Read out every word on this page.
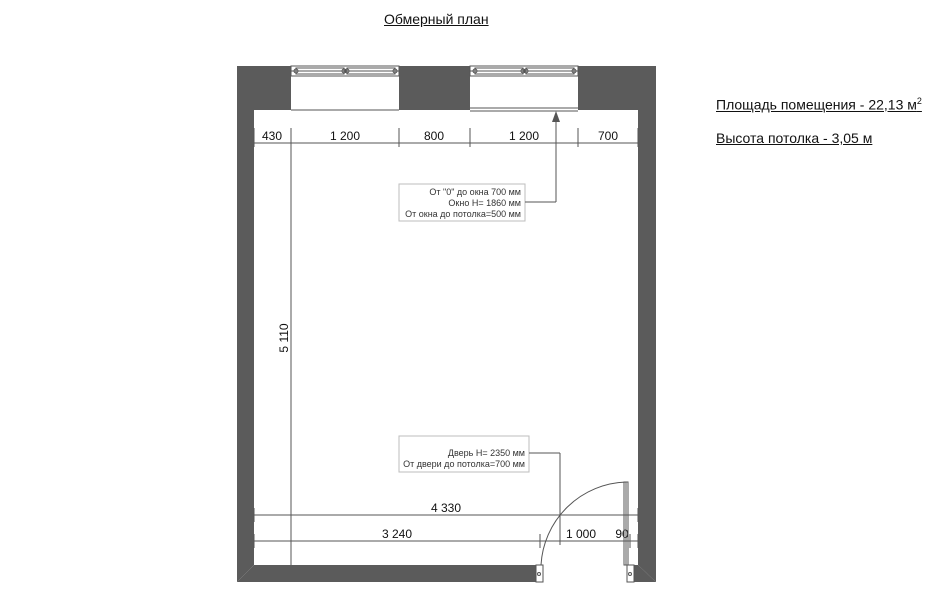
Обмерный план
Площадь помещения - 22,13 $м^2$
Высота потолка - 3,05 м
430	1 200	800	1 200	700
5 110
От "0" до окна 700 мм
Окно Н= 1860 мм
От окна до потолка=500 мм
Дверь Н= 2350 мм
От двери до потолка=700 мм
4 330
3 240	1 000 90
